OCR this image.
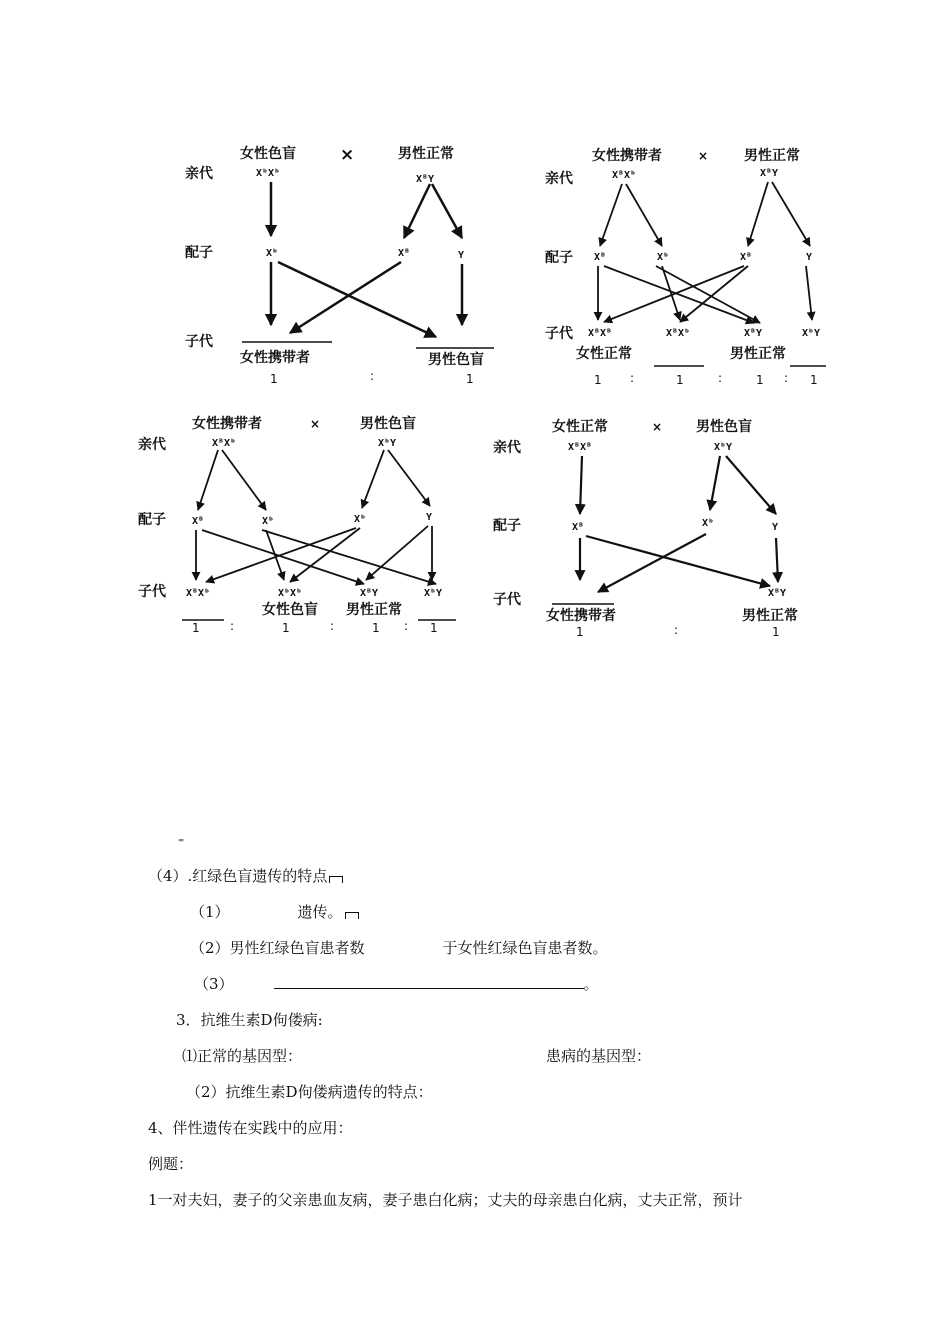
亲代
配子
子代
女性色盲	×	男性正常
XᵇXᵇ
XᴮY
Xᵇ	Xᴮ	Y
女性携带者	男性色盲
1	:	1
亲代
配子
子代
女性携带者	×	男性正常
XᴮXᵇ	XᴮY
Xᴮ	Xᵇ	Xᴮ	Y
XᴮXᴮ	XᴮXᵇ	XᴮY	XᵇY
女性正常	男性正常
1 :	1	:	1 : 1
亲代
配子
子代
女性携带者	×	男性色盲
XᴮXᵇ	XᵇY
Xᴮ	Xᵇ	Xᵇ	Y
XᴮXᵇ	XᵇXᵇ	XᴮY	XᵇY
女性色盲 男性正常
1	:	1	:	1 : 1
亲代
配子
子代
女性正常	× 男性色盲
XᴮXᴮ	XᵇY
Xᴮ	Xᵇ	Y
XᴮY
女性携带者	男性正常
1	:	1
⁼
（4）.红绿色盲遗传的特点
（1）	遗传。
（2）男性红绿色盲患者数	于女性红绿色盲患者数。
（3）	。
3．抗维生素D佝偻病:
⑴正常的基因型：	患病的基因型：
（2）抗维生素D佝偻病遗传的特点：
4、伴性遗传在实践中的应用：
例题：
1一对夫妇，妻子的父亲患血友病，妻子患白化病；丈夫的母亲患白化病，丈夫正常，预计
